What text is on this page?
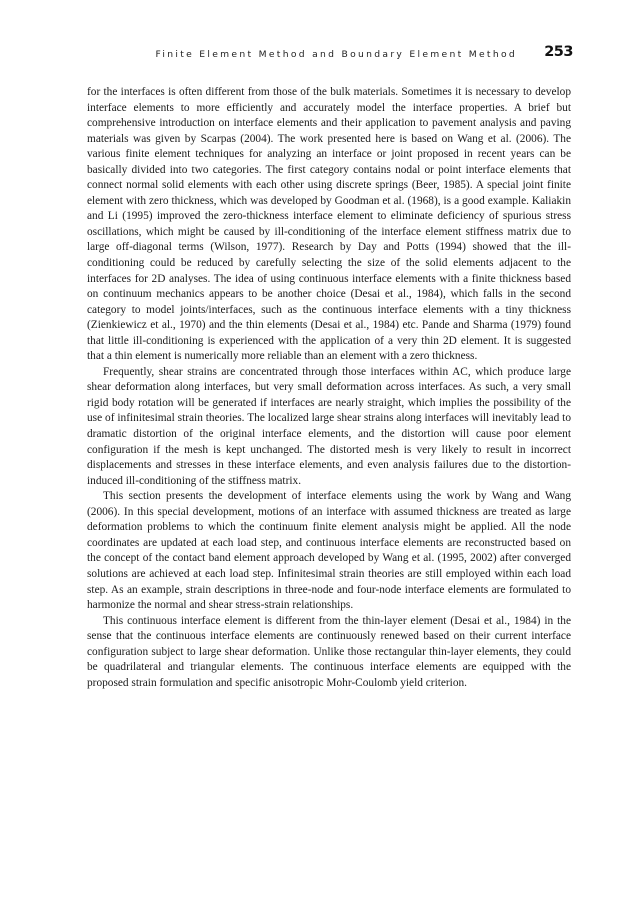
Finite Element Method and Boundary Element Method 253

for the interfaces is often different from those of the bulk materials. Sometimes it is necessary to develop interface elements to more efficiently and accurately model the interface properties. A brief but comprehensive introduction on interface elements and their application to pavement analysis and paving materials was given by Scarpas (2004). The work presented here is based on Wang et al. (2006). The various finite element techniques for analyzing an interface or joint proposed in recent years can be basically divided into two categories. The first category contains nodal or point interface elements that connect normal solid elements with each other using discrete springs (Beer, 1985). A special joint finite element with zero thickness, which was developed by Goodman et al. (1968), is a good example. Kaliakin and Li (1995) improved the zero-thickness interface element to eliminate deficiency of spurious stress oscillations, which might be caused by ill-conditioning of the interface element stiffness matrix due to large off-diagonal terms (Wilson, 1977). Research by Day and Potts (1994) showed that the ill-conditioning could be reduced by carefully selecting the size of the solid elements adjacent to the interfaces for 2D analyses. The idea of using continuous interface elements with a finite thickness based on continuum mechanics appears to be another choice (Desai et al., 1984), which falls in the second category to model joints/interfaces, such as the continuous interface elements with a tiny thickness (Zienkiewicz et al., 1970) and the thin elements (Desai et al., 1984) etc. Pande and Sharma (1979) found that little ill-conditioning is experienced with the application of a very thin 2D element. It is suggested that a thin element is numerically more reliable than an element with a zero thickness.

Frequently, shear strains are concentrated through those interfaces within AC, which produce large shear deformation along interfaces, but very small deformation across interfaces. As such, a very small rigid body rotation will be generated if interfaces are nearly straight, which implies the possibility of the use of infinitesimal strain theories. The localized large shear strains along interfaces will inevitably lead to dramatic distortion of the original interface elements, and the distortion will cause poor element configuration if the mesh is kept unchanged. The distorted mesh is very likely to result in incorrect displacements and stresses in these interface elements, and even analysis failures due to the distortion-induced ill-conditioning of the stiffness matrix.

This section presents the development of interface elements using the work by Wang and Wang (2006). In this special development, motions of an interface with assumed thickness are treated as large deformation problems to which the continuum finite element analysis might be applied. All the node coordinates are updated at each load step, and continuous interface elements are reconstructed based on the concept of the contact band element approach developed by Wang et al. (1995, 2002) after converged solutions are achieved at each load step. Infinitesimal strain theories are still employed within each load step. As an example, strain descriptions in three-node and four-node interface elements are formulated to harmonize the normal and shear stress-strain relationships.

This continuous interface element is different from the thin-layer element (Desai et al., 1984) in the sense that the continuous interface elements are continuously renewed based on their current interface configuration subject to large shear deformation. Unlike those rectangular thin-layer elements, they could be quadrilateral and triangular elements. The continuous interface elements are equipped with the proposed strain formulation and specific anisotropic Mohr-Coulomb yield criterion.
